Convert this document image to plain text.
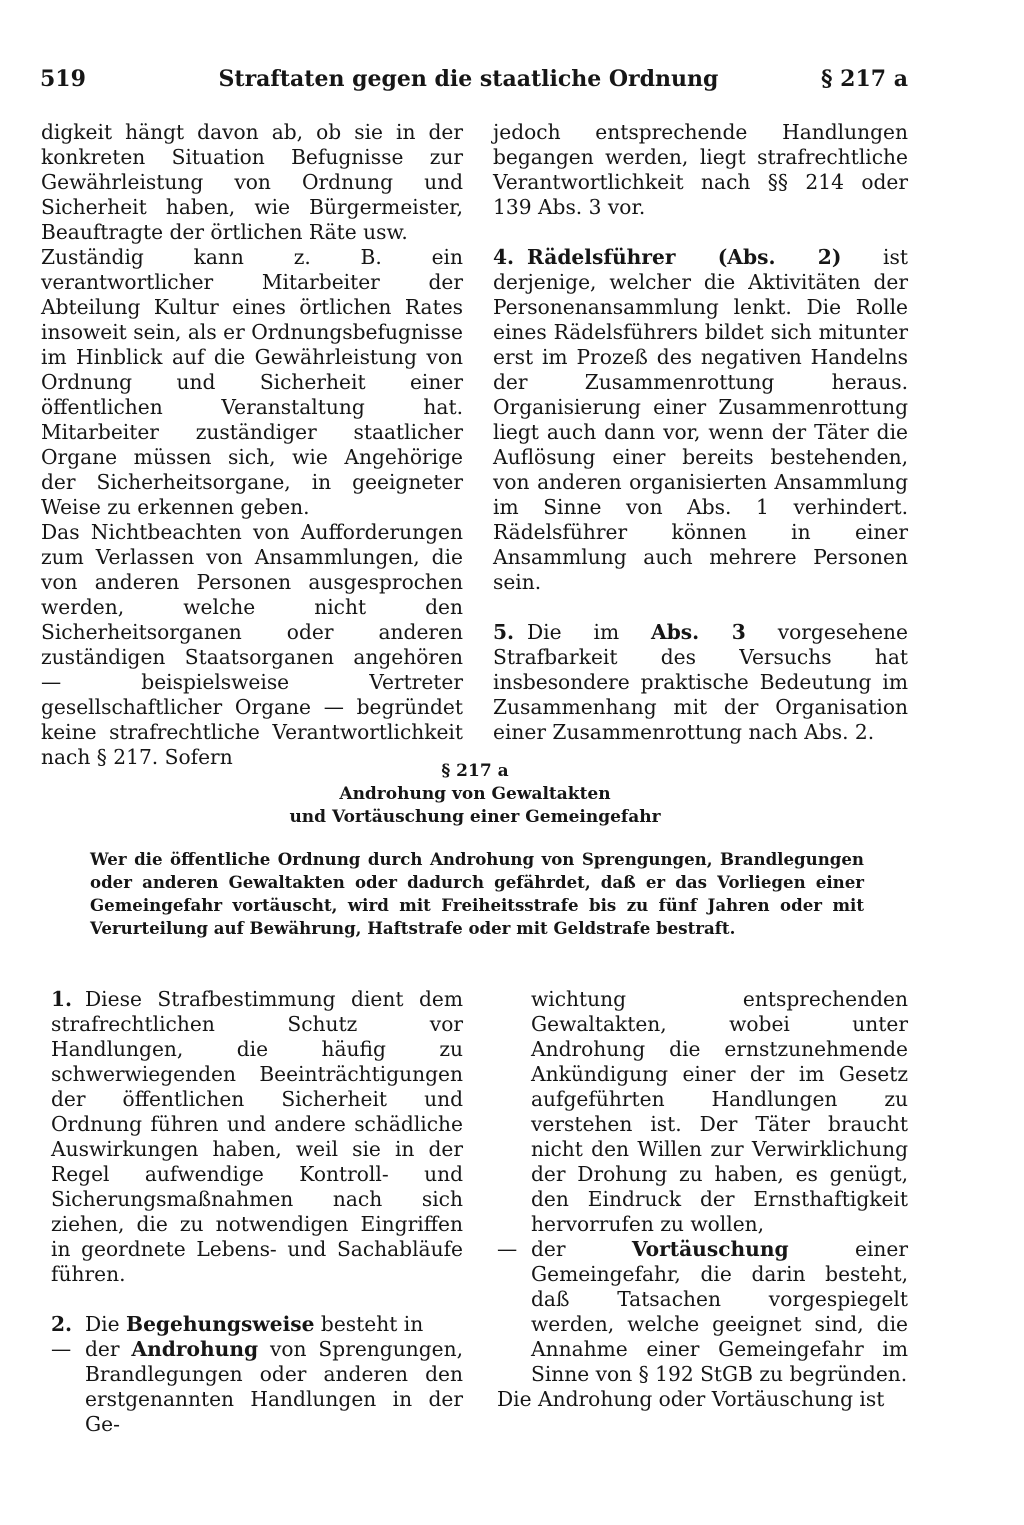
519	Straftaten gegen die staatliche Ordnung	§ 217 a

digkeit hängt davon ab, ob sie in der konkreten Situation Befugnisse zur Gewährleistung von Ordnung und Sicherheit haben, wie Bürgermeister, Beauftragte der örtlichen Räte usw.

Zuständig kann z. B. ein verantwortlicher Mitarbeiter der Abteilung Kultur eines örtlichen Rates insoweit sein, als er Ordnungsbefugnisse im Hinblick auf die Gewährleistung von Ordnung und Sicherheit einer öffentlichen Veranstaltung hat. Mitarbeiter zuständiger staatlicher Organe müssen sich, wie Angehörige der Sicherheitsorgane, in geeigneter Weise zu erkennen geben.

Das Nichtbeachten von Aufforderungen zum Verlassen von Ansammlungen, die von anderen Personen ausgesprochen werden, welche nicht den Sicherheitsorganen oder anderen zuständigen Staatsorganen angehören — beispielsweise Vertreter gesellschaftlicher Organe — begründet keine strafrechtliche Verantwortlichkeit nach § 217. Sofern

jedoch entsprechende Handlungen begangen werden, liegt strafrechtliche Verantwortlichkeit nach §§ 214 oder 139 Abs. 3 vor.

4. Rädelsführer (Abs. 2) ist derjenige, welcher die Aktivitäten der Personenansammlung lenkt. Die Rolle eines Rädelsführers bildet sich mitunter erst im Prozeß des negativen Handelns der Zusammenrottung heraus. Organisierung einer Zusammenrottung liegt auch dann vor, wenn der Täter die Auflösung einer bereits bestehenden, von anderen organisierten Ansammlung im Sinne von Abs. 1 verhindert. Rädelsführer können in einer Ansammlung auch mehrere Personen sein.

5. Die im Abs. 3 vorgesehene Strafbarkeit des Versuchs hat insbesondere praktische Bedeutung im Zusammenhang mit der Organisation einer Zusammenrottung nach Abs. 2.

§ 217 a
Androhung von Gewaltakten
und Vortäuschung einer Gemeingefahr
Wer die öffentliche Ordnung durch Androhung von Sprengungen, Brandlegungen oder anderen Gewaltakten oder dadurch gefährdet, daß er das Vorliegen einer Gemeingefahr vortäuscht, wird mit Freiheitsstrafe bis zu fünf Jahren oder mit Verurteilung auf Bewährung, Haftstrafe oder mit Geldstrafe bestraft.

1. Diese Strafbestimmung dient dem strafrechtlichen Schutz vor Handlungen, die häufig zu schwerwiegenden Beeinträchtigungen der öffentlichen Sicherheit und Ordnung führen und andere schädliche Auswirkungen haben, weil sie in der Regel aufwendige Kontroll- und Sicherungsmaßnahmen nach sich ziehen, die zu notwendigen Eingriffen in geordnete Lebens- und Sachabläufe führen.

2. Die Begehungsweise besteht in

— der Androhung von Sprengungen, Brandlegungen oder anderen den erstgenannten Handlungen in der Ge-

wichtung entsprechenden Gewaltakten, wobei unter Androhung die ernstzunehmende Ankündigung einer der im Gesetz aufgeführten Handlungen zu verstehen ist. Der Täter braucht nicht den Willen zur Verwirklichung der Drohung zu haben, es genügt, den Eindruck der Ernsthaftigkeit hervorrufen zu wollen,

— der Vortäuschung einer Gemeingefahr, die darin besteht, daß Tatsachen vorgespiegelt werden, welche geeignet sind, die Annahme einer Gemeingefahr im Sinne von § 192 StGB zu begründen.

Die Androhung oder Vortäuschung ist
